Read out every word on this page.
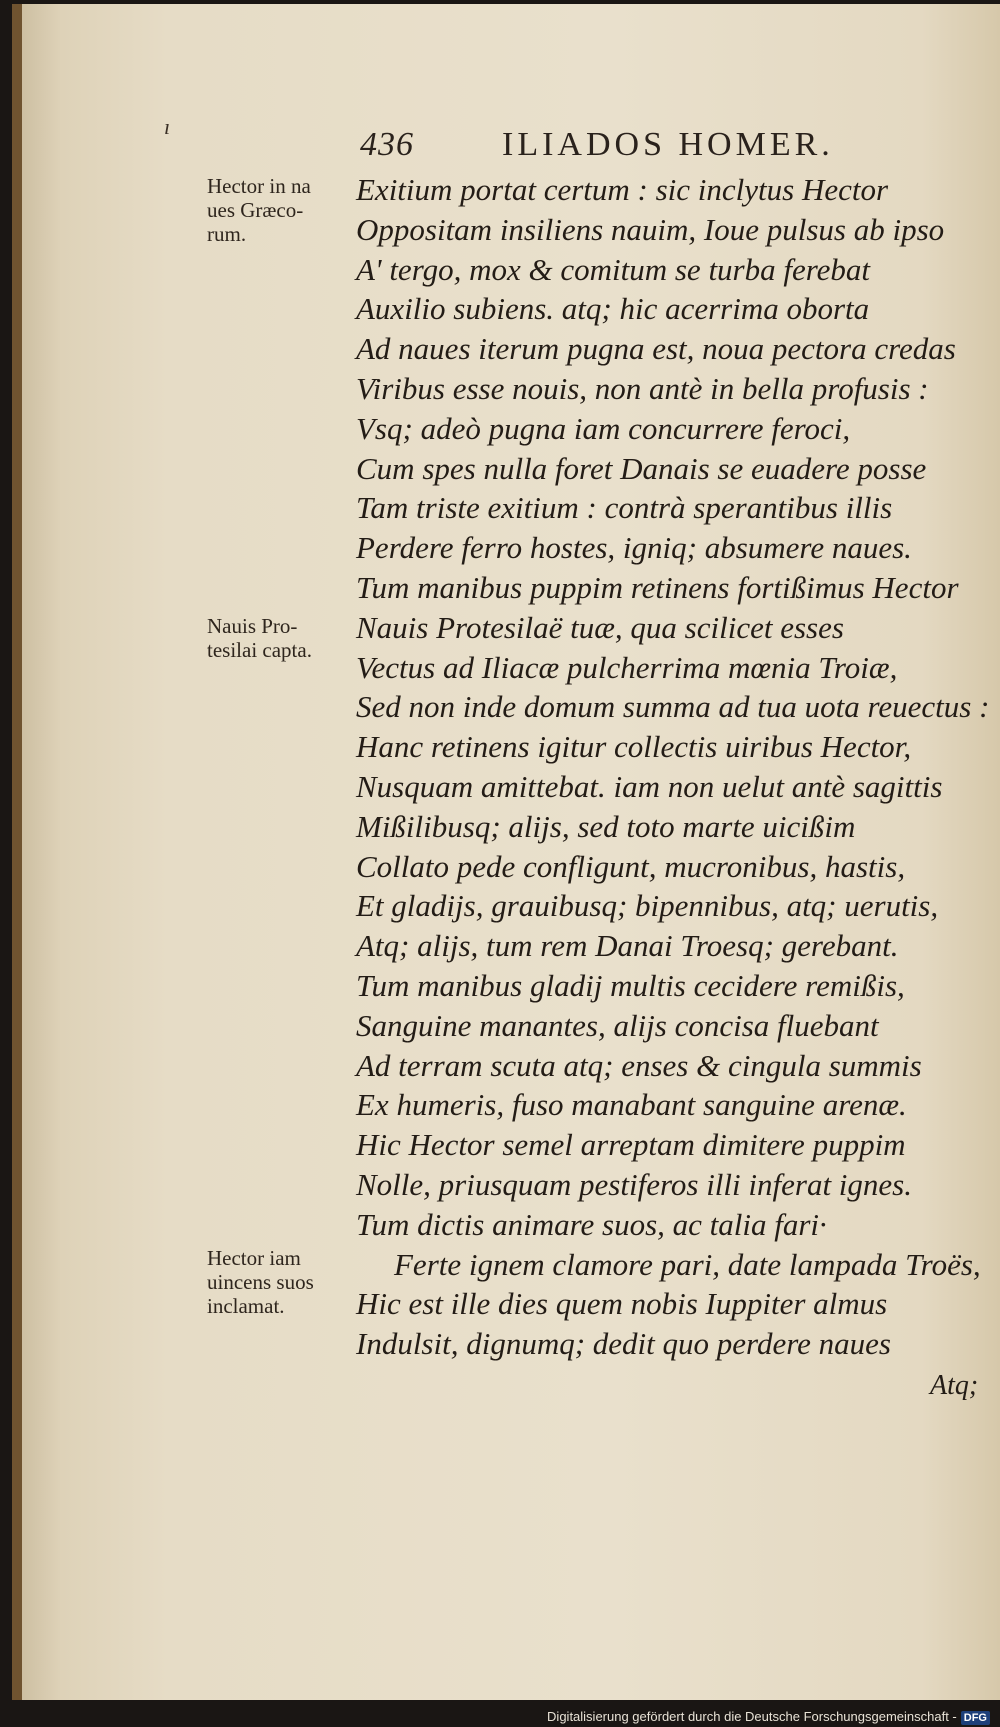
ı	436	ILIADOS HOMER.
Hector in na
ues Græco-
rum.
Nauis Pro-
tesilai capta.
Hector iam
uincens suos
inclamat.
Exitium portat certum : sic inclytus Hector
Oppositam insiliens nauim, Ioue pulsus ab ipso
A' tergo, mox & comitum se turba ferebat
Auxilio subiens. atq; hic acerrima oborta
Ad naues iterum pugna est, noua pectora credas
Viribus esse nouis, non antè in bella profusis :
Vsq; adeò pugna iam concurrere feroci,
Cum spes nulla foret Danais se euadere posse
Tam triste exitium : contrà sperantibus illis
Perdere ferro hostes, igniq; absumere naues.
Tum manibus puppim retinens fortißimus Hector
Nauis Protesilaë tuæ, qua scilicet esses
Vectus ad Iliacæ pulcherrima mœnia Troiæ,
Sed non inde domum summa ad tua uota reuectus :
Hanc retinens igitur collectis uiribus Hector,
Nusquam amittebat. iam non uelut antè sagittis
Mißilibusq; alijs, sed toto marte uicißim
Collato pede confligunt, mucronibus, hastis,
Et gladijs, grauibusq; bipennibus, atq; uerutis,
Atq; alijs, tum rem Danai Troesq; gerebant.
Tum manibus gladij multis cecidere remißis,
Sanguine manantes, alijs concisa fluebant
Ad terram scuta atq; enses & cingula summis
Ex humeris, fuso manabant sanguine arenæ.
Hic Hector semel arreptam dimitere puppim
Nolle, priusquam pestiferos illi inferat ignes.
Tum dictis animare suos, ac talia fari·
Ferte ignem clamore pari, date lampada Troës,
Hic est ille dies quem nobis Iuppiter almus
Indulsit, dignumq; dedit quo perdere naues
Atq;
Digitalisierung gefördert durch die Deutsche Forschungsgemeinschaft - DFG
